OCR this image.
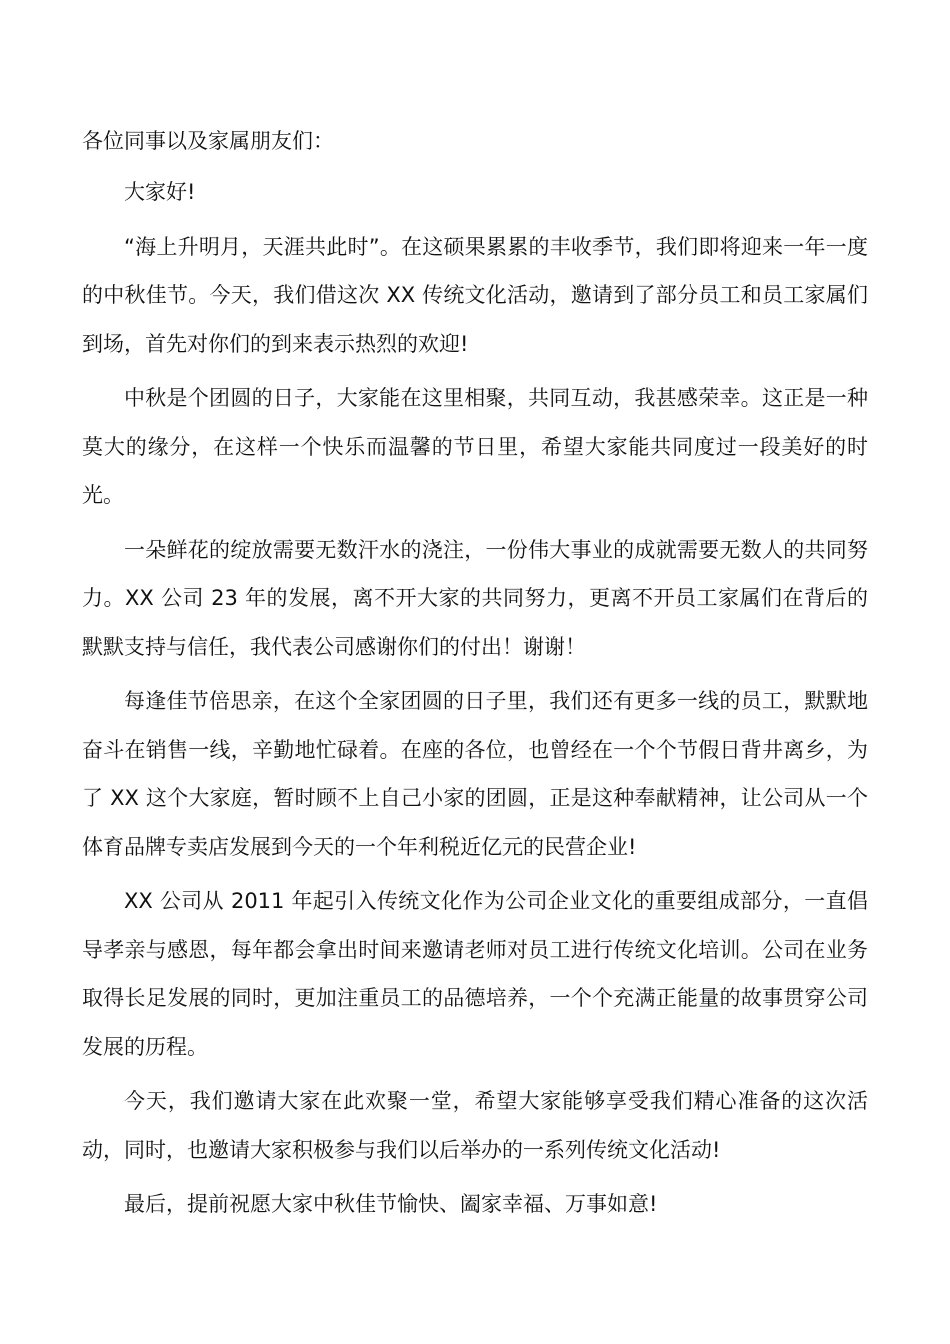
各位同事以及家属朋友们：

大家好!

“海上升明月，天涯共此时”。在这硕果累累的丰收季节，我们即将迎来一年一度的中秋佳节。今天，我们借这次 XX 传统文化活动，邀请到了部分员工和员工家属们到场，首先对你们的到来表示热烈的欢迎!

中秋是个团圆的日子，大家能在这里相聚，共同互动，我甚感荣幸。这正是一种莫大的缘分，在这样一个快乐而温馨的节日里，希望大家能共同度过一段美好的时光。

一朵鲜花的绽放需要无数汗水的浇注，一份伟大事业的成就需要无数人的共同努力。XX 公司 23 年的发展，离不开大家的共同努力，更离不开员工家属们在背后的默默支持与信任，我代表公司感谢你们的付出！谢谢！

每逢佳节倍思亲，在这个全家团圆的日子里，我们还有更多一线的员工，默默地奋斗在销售一线，辛勤地忙碌着。在座的各位，也曾经在一个个节假日背井离乡，为了 XX 这个大家庭，暂时顾不上自己小家的团圆，正是这种奉献精神，让公司从一个体育品牌专卖店发展到今天的一个年利税近亿元的民营企业!

XX 公司从 2011 年起引入传统文化作为公司企业文化的重要组成部分，一直倡导孝亲与感恩，每年都会拿出时间来邀请老师对员工进行传统文化培训。公司在业务取得长足发展的同时，更加注重员工的品德培养，一个个充满正能量的故事贯穿公司发展的历程。

今天，我们邀请大家在此欢聚一堂，希望大家能够享受我们精心准备的这次活动，同时，也邀请大家积极参与我们以后举办的一系列传统文化活动!

最后，提前祝愿大家中秋佳节愉快、阖家幸福、万事如意!
